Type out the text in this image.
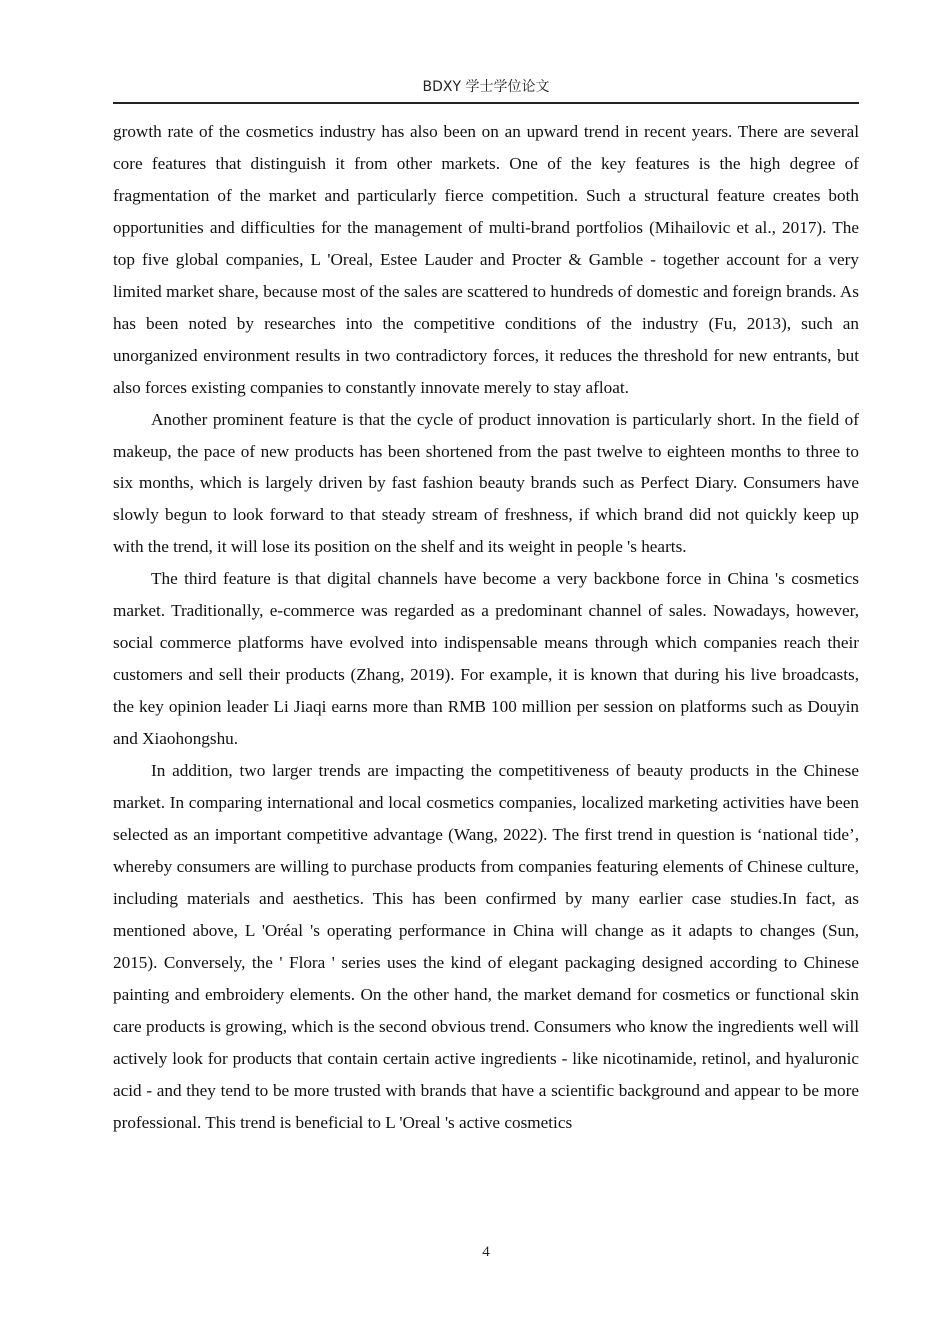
BDXY 学士学位论文

growth rate of the cosmetics industry has also been on an upward trend in recent years. There are several core features that distinguish it from other markets. One of the key features is the high degree of fragmentation of the market and particularly fierce competition. Such a structural feature creates both opportunities and difficulties for the management of multi-brand portfolios (Mihailovic et al., 2017). The top five global companies, L 'Oreal, Estee Lauder and Procter & Gamble - together account for a very limited market share, because most of the sales are scattered to hundreds of domestic and foreign brands. As has been noted by researches into the competitive conditions of the industry (Fu, 2013), such an unorganized environment results in two contradictory forces, it reduces the threshold for new entrants, but also forces existing companies to constantly innovate merely to stay afloat.

Another prominent feature is that the cycle of product innovation is particularly short. In the field of makeup, the pace of new products has been shortened from the past twelve to eighteen months to three to six months, which is largely driven by fast fashion beauty brands such as Perfect Diary. Consumers have slowly begun to look forward to that steady stream of freshness, if which brand did not quickly keep up with the trend, it will lose its position on the shelf and its weight in people 's hearts.

The third feature is that digital channels have become a very backbone force in China 's cosmetics market. Traditionally, e-commerce was regarded as a predominant channel of sales. Nowadays, however, social commerce platforms have evolved into indispensable means through which companies reach their customers and sell their products (Zhang, 2019). For example, it is known that during his live broadcasts, the key opinion leader Li Jiaqi earns more than RMB 100 million per session on platforms such as Douyin and Xiaohongshu.

In addition, two larger trends are impacting the competitiveness of beauty products in the Chinese market. In comparing international and local cosmetics companies, localized marketing activities have been selected as an important competitive advantage (Wang, 2022). The first trend in question is ‘national tide’, whereby consumers are willing to purchase products from companies featuring elements of Chinese culture, including materials and aesthetics. This has been confirmed by many earlier case studies.In fact, as mentioned above, L 'Oréal 's operating performance in China will change as it adapts to changes (Sun, 2015). Conversely, the ' Flora ' series uses the kind of elegant packaging designed according to Chinese painting and embroidery elements. On the other hand, the market demand for cosmetics or functional skin care products is growing, which is the second obvious trend. Consumers who know the ingredients well will actively look for products that contain certain active ingredients - like nicotinamide, retinol, and hyaluronic acid - and they tend to be more trusted with brands that have a scientific background and appear to be more professional. This trend is beneficial to L 'Oreal 's active cosmetics

4
